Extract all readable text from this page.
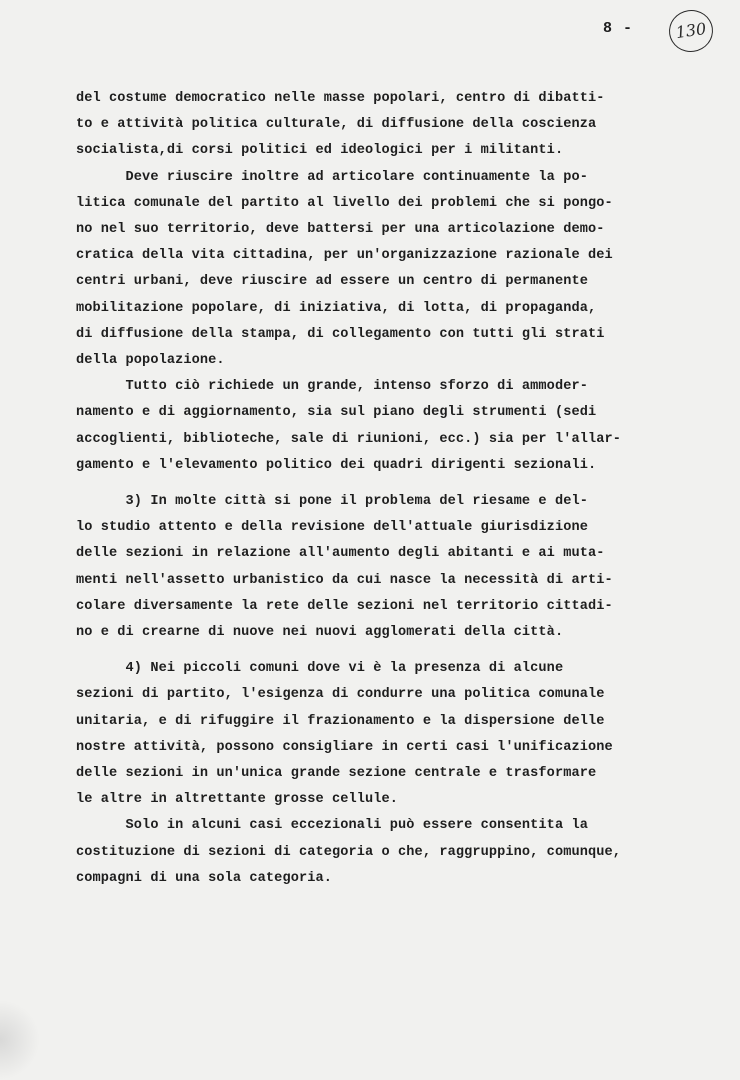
8 -	130
del costume democratico nelle masse popolari, centro di dibatti-
to e attività politica culturale, di diffusione della coscienza
socialista,di corsi politici ed ideologici per i militanti.
Deve riuscire inoltre ad articolare continuamente la po-
litica comunale del partito al livello dei problemi che si pongo-
no nel suo territorio, deve battersi per una articolazione demo-
cratica della vita cittadina, per un'organizzazione razionale dei
centri urbani, deve riuscire ad essere un centro di permanente
mobilitazione popolare, di iniziativa, di lotta, di propaganda,
di diffusione della stampa, di collegamento con tutti gli strati
della popolazione.
Tutto ciò richiede un grande, intenso sforzo di ammoder-
namento e di aggiornamento, sia sul piano degli strumenti (sedi
accoglienti, biblioteche, sale di riunioni, ecc.) sia per l'allar-
gamento e l'elevamento politico dei quadri dirigenti sezionali.
3) In molte città si pone il problema del riesame e del-
lo studio attento e della revisione dell'attuale giurisdizione
delle sezioni in relazione all'aumento degli abitanti e ai muta-
menti nell'assetto urbanistico da cui nasce la necessità di arti-
colare diversamente la rete delle sezioni nel territorio cittadi-
no e di crearne di nuove nei nuovi agglomerati della città.
4) Nei piccoli comuni dove vi è la presenza di alcune
sezioni di partito, l'esigenza di condurre una politica comunale
unitaria, e di rifuggire il frazionamento e la dispersione delle
nostre attività, possono consigliare in certi casi l'unificazione
delle sezioni in un'unica grande sezione centrale e trasformare
le altre in altrettante grosse cellule.
Solo in alcuni casi eccezionali può essere consentita la
costituzione di sezioni di categoria o che, raggruppino, comunque,
compagni di una sola categoria.
